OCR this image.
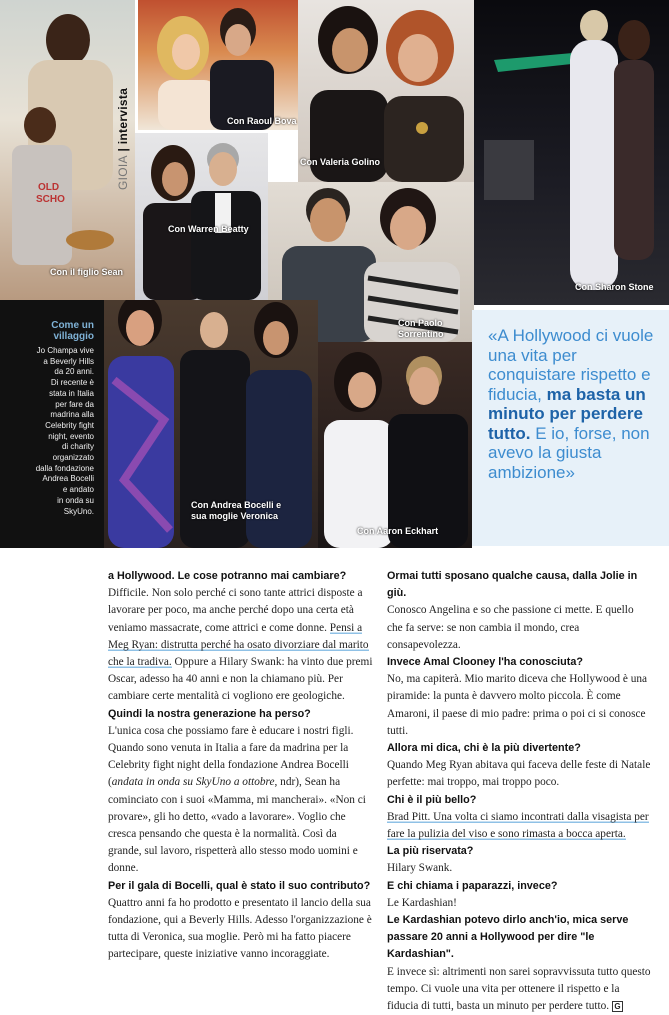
OLD
SCHO
Con il figlio Sean
Con Raoul Bova
GIOIA | intervista
Con Valeria Golino
Con Sharon Stone
Con Warren Beatty
Con Paolo
Sorrentino
Come un
villaggio
Jo Champa vive
a Beverly Hills
da 20 anni.
Di recente è
stata in Italia
per fare da
madrina alla
Celebrity fight
night, evento
di charity
organizzato
dalla fondazione
Andrea Bocelli
e andato
in onda su
SkyUno.
Con Andrea Bocelli e
sua moglie Veronica
Con Aaron Eckhart
«A Hollywood ci vuole una vita per conquistare rispetto e fiducia, ma basta un minuto per perdere tutto. E io, forse, non avevo la giusta ambizione»

a Hollywood. Le cose potranno mai cambiare?

Difficile. Non solo perché ci sono tante attrici disposte a lavorare per poco, ma anche perché dopo una certa età veniamo massacrate, come attrici e come donne. Pensi a Meg Ryan: distrutta perché ha osato divorziare dal marito che la tradiva. Oppure a Hilary Swank: ha vinto due premi Oscar, adesso ha 40 anni e non la chiamano più. Per cambiare certe mentalità ci vogliono ere geologiche.

Quindi la nostra generazione ha perso?

L'unica cosa che possiamo fare è educare i nostri figli. Quando sono venuta in Italia a fare da madrina per la Celebrity fight night della fondazione Andrea Bocelli (andata in onda su SkyUno a ottobre, ndr), Sean ha cominciato con i suoi «Mamma, mi mancherai». «Non ci provare», gli ho detto, «vado a lavorare». Voglio che cresca pensando che questa è la normalità. Così da grande, sul lavoro, rispetterà allo stesso modo uomini e donne.

Per il gala di Bocelli, qual è stato il suo contributo?

Quattro anni fa ho prodotto e presentato il lancio della sua fondazione, qui a Beverly Hills. Adesso l'organizzazione è tutta di Veronica, sua moglie. Però mi ha fatto piacere partecipare, queste iniziative vanno incoraggiate.

Ormai tutti sposano qualche causa, dalla Jolie in giù.

Conosco Angelina e so che passione ci mette. E quello che fa serve: se non cambia il mondo, crea consapevolezza.

Invece Amal Clooney l'ha conosciuta?

No, ma capiterà. Mio marito diceva che Hollywood è una piramide: la punta è davvero molto piccola. È come Amaroni, il paese di mio padre: prima o poi ci si conosce tutti.

Allora mi dica, chi è la più divertente?

Quando Meg Ryan abitava qui faceva delle feste di Natale perfette: mai troppo, mai troppo poco.

Chi è il più bello?

Brad Pitt. Una volta ci siamo incontrati dalla visagista per fare la pulizia del viso e sono rimasta a bocca aperta.

La più riservata?

Hilary Swank.

E chi chiama i paparazzi, invece?

Le Kardashian!

Le Kardashian potevo dirlo anch'io, mica serve passare 20 anni a Hollywood per dire "le Kardashian".

E invece sì: altrimenti non sarei sopravvissuta tutto questo tempo. Ci vuole una vita per ottenere il rispetto e la fiducia di tutti, basta un minuto per perdere tutto. G
